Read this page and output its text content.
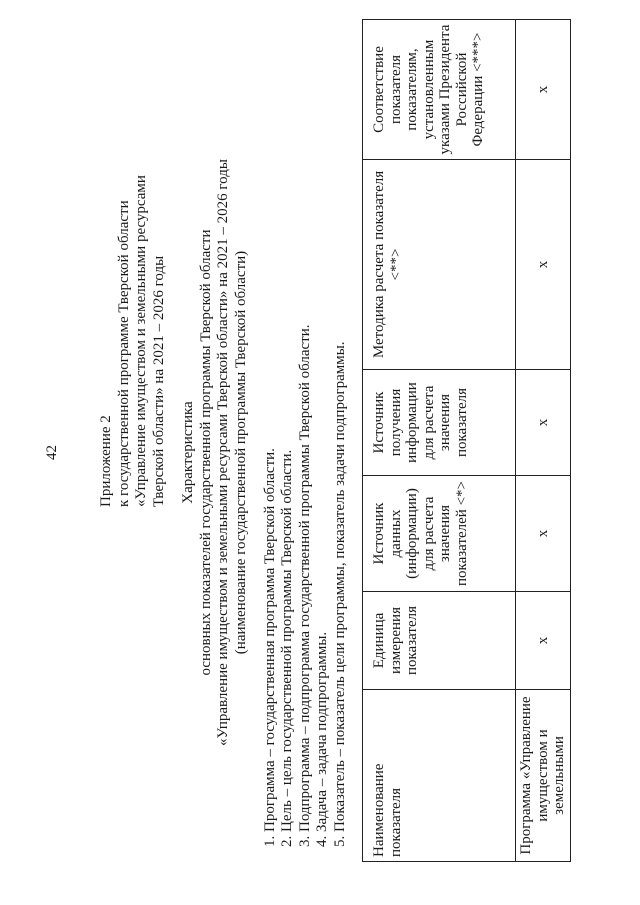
42	Приложение 2 к государственной программе Тверской области «Управление имуществом и земельными ресурсами Тверской области» на 2021 – 2026 годы Характеристика основных показателей государственной программы Тверской области «Управление имуществом и земельными ресурсами Тверской области» на 2021 – 2026 годы (наименование государственной программы Тверской области) 1. Программа – государственная программа Тверской области. 2. Цель – цель государственной программы Тверской области. 3. Подпрограмма – подпрограмма государственной программы Тверской области. 4. Задача – задача подпрограммы. 5. Показатель – показатель цели программы, показатель задачи подпрограммы. Наименование показателя	Единица измерения показателя	Источник данных (информации) для расчета значения показателей <*>	Источник получения информации для расчета значения показателя	Методика расчета показателя <**>	Соответствие показателя показателям, установленным указами Президента Российской Федерации <***>
Программа «Управление имуществом и земельными	х	х	х	х	х
